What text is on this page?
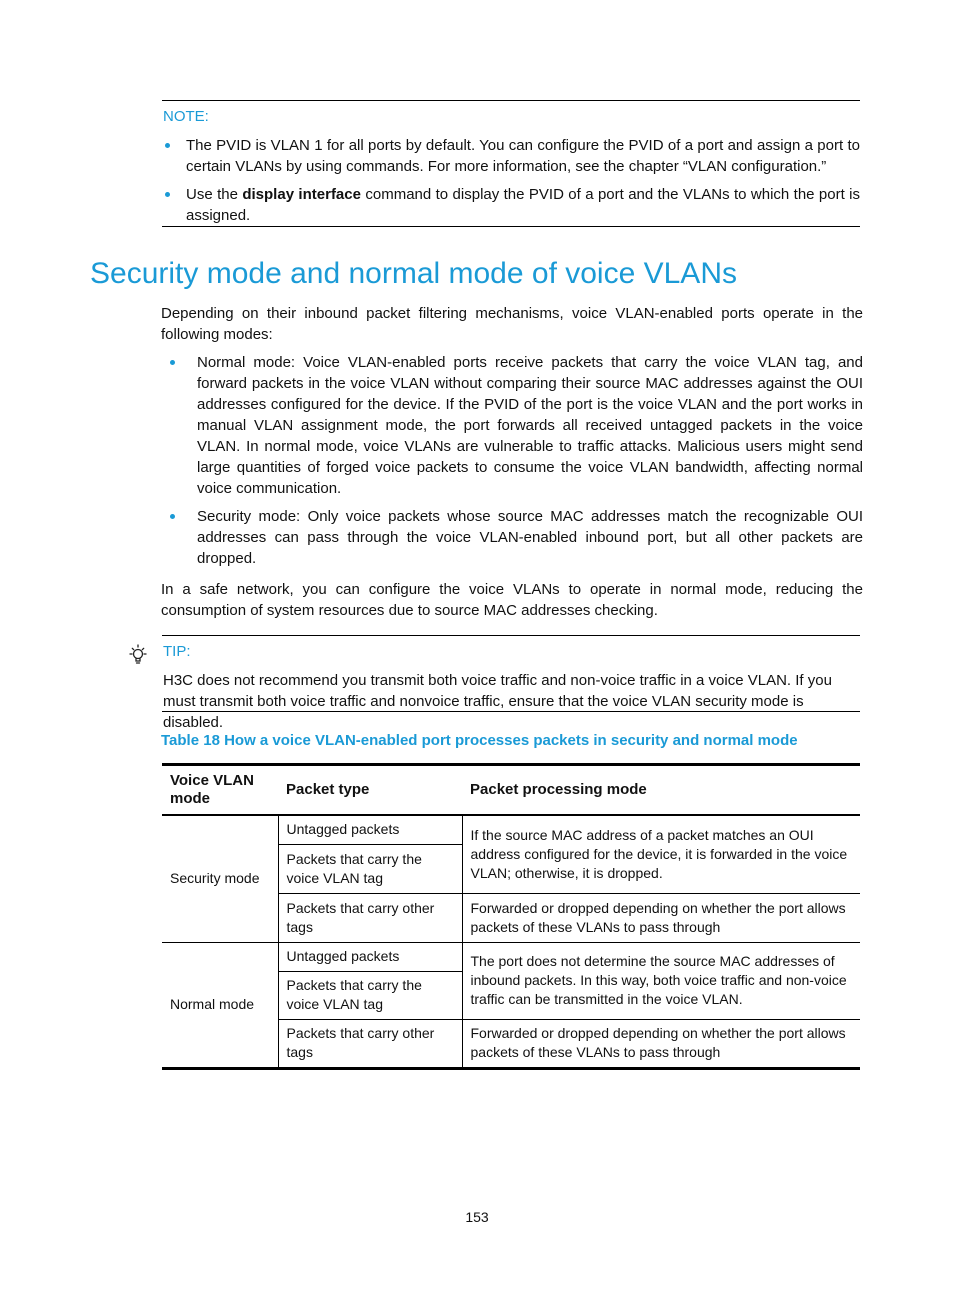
NOTE:
The PVID is VLAN 1 for all ports by default. You can configure the PVID of a port and assign a port to certain VLANs by using commands. For more information, see the chapter “VLAN configuration.”
Use the display interface command to display the PVID of a port and the VLANs to which the port is assigned.
Security mode and normal mode of voice VLANs
Depending on their inbound packet filtering mechanisms, voice VLAN-enabled ports operate in the following modes:
Normal mode: Voice VLAN-enabled ports receive packets that carry the voice VLAN tag, and forward packets in the voice VLAN without comparing their source MAC addresses against the OUI addresses configured for the device. If the PVID of the port is the voice VLAN and the port works in manual VLAN assignment mode, the port forwards all received untagged packets in the voice VLAN. In normal mode, voice VLANs are vulnerable to traffic attacks. Malicious users might send large quantities of forged voice packets to consume the voice VLAN bandwidth, affecting normal voice communication.
Security mode: Only voice packets whose source MAC addresses match the recognizable OUI addresses can pass through the voice VLAN-enabled inbound port, but all other packets are dropped.
In a safe network, you can configure the voice VLANs to operate in normal mode, reducing the consumption of system resources due to source MAC addresses checking.
TIP:
H3C does not recommend you transmit both voice traffic and non-voice traffic in a voice VLAN. If you must transmit both voice traffic and nonvoice traffic, ensure that the voice VLAN security mode is disabled.
Table 18 How a voice VLAN-enabled port processes packets in security and normal mode
Voice VLAN mode	Packet type	Packet processing mode
Security mode	Untagged packets	If the source MAC address of a packet matches an OUI address configured for the device, it is forwarded in the voice VLAN; otherwise, it is dropped.
	Packets that carry the voice VLAN tag	
	Packets that carry other tags	Forwarded or dropped depending on whether the port allows packets of these VLANs to pass through
Normal mode	Untagged packets	The port does not determine the source MAC addresses of inbound packets. In this way, both voice traffic and non-voice traffic can be transmitted in the voice VLAN.
	Packets that carry the voice VLAN tag	
	Packets that carry other tags	Forwarded or dropped depending on whether the port allows packets of these VLANs to pass through
153
